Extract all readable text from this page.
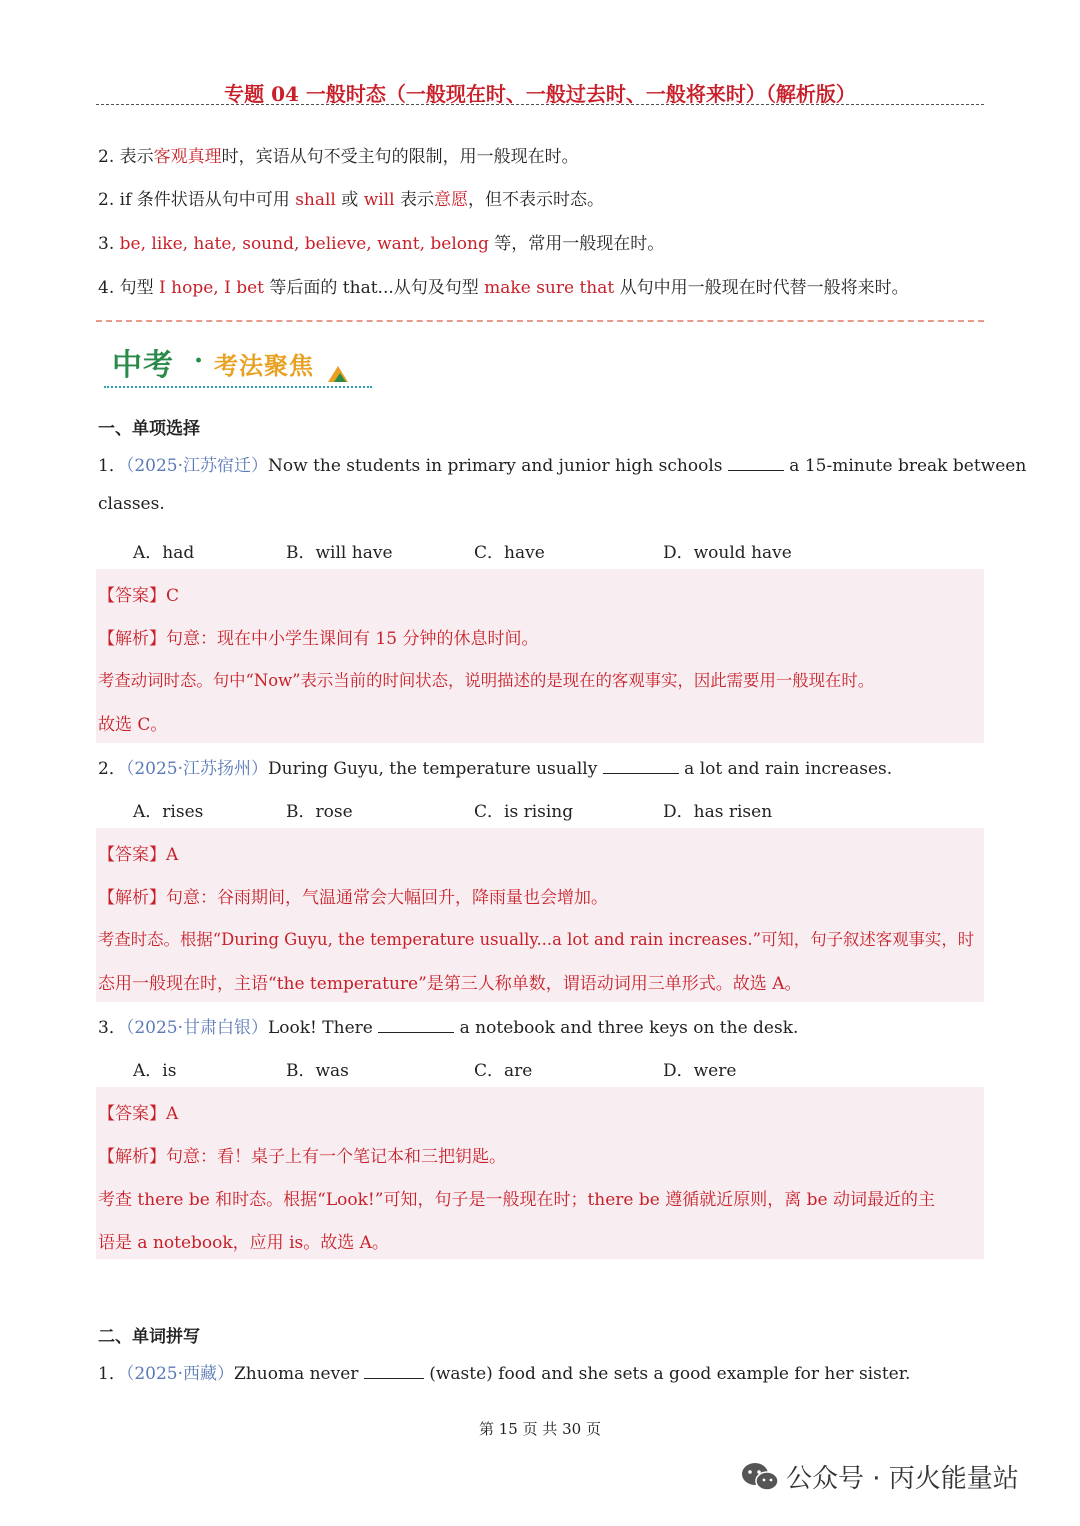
专题 04 一般时态（一般现在时、一般过去时、一般将来时）（解析版）
2. 表示客观真理时，宾语从句不受主句的限制，用一般现在时。
2. if 条件状语从句中可用 shall 或 will 表示意愿，但不表示时态。
3. be, like, hate, sound, believe, want, belong 等，常用一般现在时。
4. 句型 I hope, I bet 等后面的 that...从句及句型 make sure that 从句中用一般现在时代替一般将来时。
中考 · 考法聚焦
一、单项选择
1．（2025·江苏宿迁）Now the students in primary and junior high schools	a 15-minute break between
classes.
A．had	B．will have	C．have	D．would have
【答案】C
【解析】句意：现在中小学生课间有 15 分钟的休息时间。
考查动词时态。句中“Now”表示当前的时间状态，说明描述的是现在的客观事实，因此需要用一般现在时。
故选 C。
2．（2025·江苏扬州）During Guyu, the temperature usually	a lot and rain increases.
A．rises	B．rose	C．is rising	D．has risen
【答案】A
【解析】句意：谷雨期间，气温通常会大幅回升，降雨量也会增加。
考查时态。根据“During Guyu, the temperature usually...a lot and rain increases.”可知，句子叙述客观事实，时
态用一般现在时，主语“the temperature”是第三人称单数，谓语动词用三单形式。故选 A。
3．（2025·甘肃白银）Look! There	a notebook and three keys on the desk.
A．is	B．was	C．are	D．were
【答案】A
【解析】句意：看！桌子上有一个笔记本和三把钥匙。
考查 there be 和时态。根据“Look!”可知，句子是一般现在时；there be 遵循就近原则，离 be 动词最近的主
语是 a notebook，应用 is。故选 A。
二、单词拼写
1．（2025·西藏）Zhuoma never	(waste) food and she sets a good example for her sister.
第 15 页 共 30 页
公众号 · 丙火能量站
